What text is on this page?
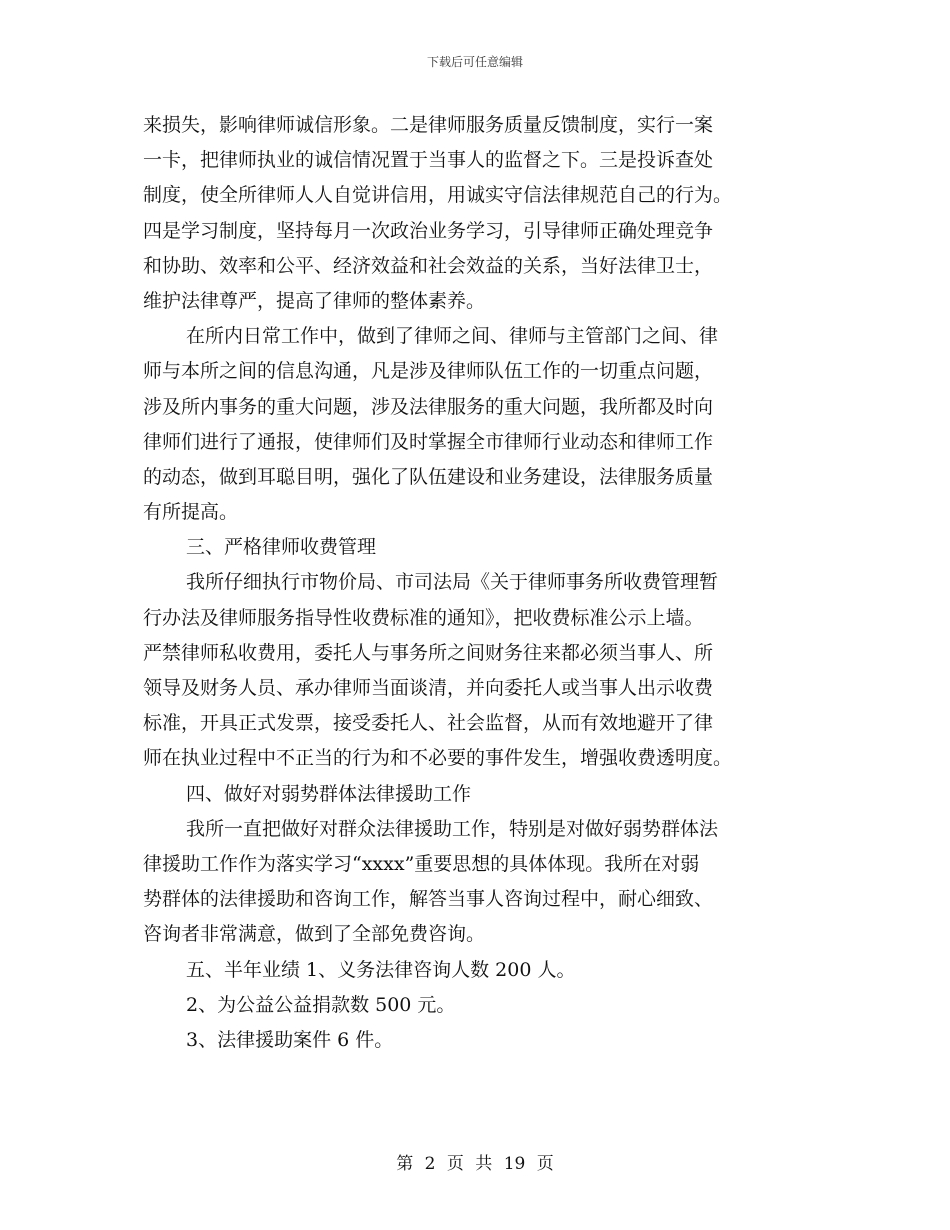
下载后可任意编辑
来损失，影响律师诚信形象。二是律师服务质量反馈制度，实行一案
一卡，把律师执业的诚信情况置于当事人的监督之下。三是投诉查处
制度，使全所律师人人自觉讲信用，用诚实守信法律规范自己的行为。
四是学习制度，坚持每月一次政治业务学习，引导律师正确处理竞争
和协助、效率和公平、经济效益和社会效益的关系，当好法律卫士，
维护法律尊严，提高了律师的整体素养。
在所内日常工作中，做到了律师之间、律师与主管部门之间、律
师与本所之间的信息沟通，凡是涉及律师队伍工作的一切重点问题，
涉及所内事务的重大问题，涉及法律服务的重大问题，我所都及时向
律师们进行了通报，使律师们及时掌握全市律师行业动态和律师工作
的动态，做到耳聪目明，强化了队伍建设和业务建设，法律服务质量
有所提高。
三、严格律师收费管理
我所仔细执行市物价局、市司法局《关于律师事务所收费管理暂
行办法及律师服务指导性收费标准的通知》，把收费标准公示上墙。
严禁律师私收费用，委托人与事务所之间财务往来都必须当事人、所
领导及财务人员、承办律师当面谈清，并向委托人或当事人出示收费
标准，开具正式发票，接受委托人、社会监督，从而有效地避开了律
师在执业过程中不正当的行为和不必要的事件发生，增强收费透明度。
四、做好对弱势群体法律援助工作
我所一直把做好对群众法律援助工作，特别是对做好弱势群体法
律援助工作作为落实学习“xxxx”重要思想的具体体现。我所在对弱
势群体的法律援助和咨询工作，解答当事人咨询过程中，耐心细致、
咨询者非常满意，做到了全部免费咨询。
五、半年业绩 1、义务法律咨询人数 200 人。
2、为公益公益捐款数 500 元。
3、法律援助案件 6 件。
第 2 页 共 19 页
